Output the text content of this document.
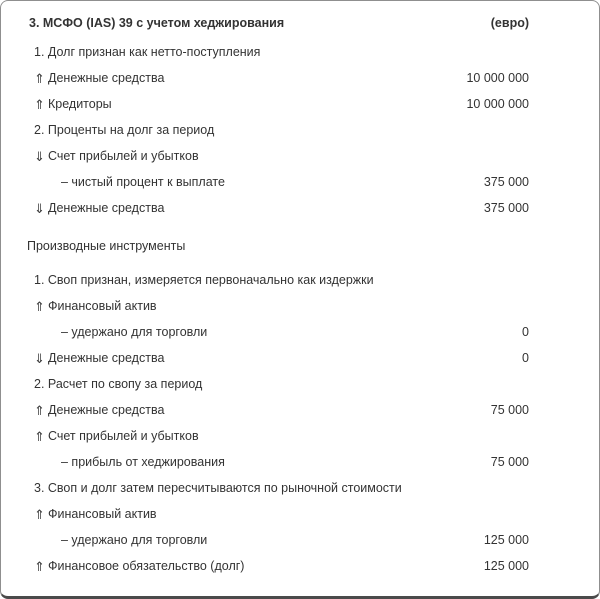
3. МСФО (IAS) 39 с учетом хеджирования	(евро)
1. Долг признан как нетто-поступления
⇑ Денежные средства	10 000 000
⇑ Кредиторы	10 000 000
2. Проценты на долг за период
⇓ Счет прибылей и убытков
– чистый процент к выплате	375 000
⇓ Денежные средства	375 000
Производные инструменты
1. Своп признан, измеряется первоначально как издержки
⇑ Финансовый актив
– удержано для торговли	0
⇓ Денежные средства	0
2. Расчет по свопу за период
⇑ Денежные средства	75 000
⇑ Счет прибылей и убытков
– прибыль от хеджирования	75 000
3. Своп и долг затем пересчитываются по рыночной стоимости
⇑ Финансовый актив
– удержано для торговли	125 000
⇑ Финансовое обязательство (долг)	125 000
